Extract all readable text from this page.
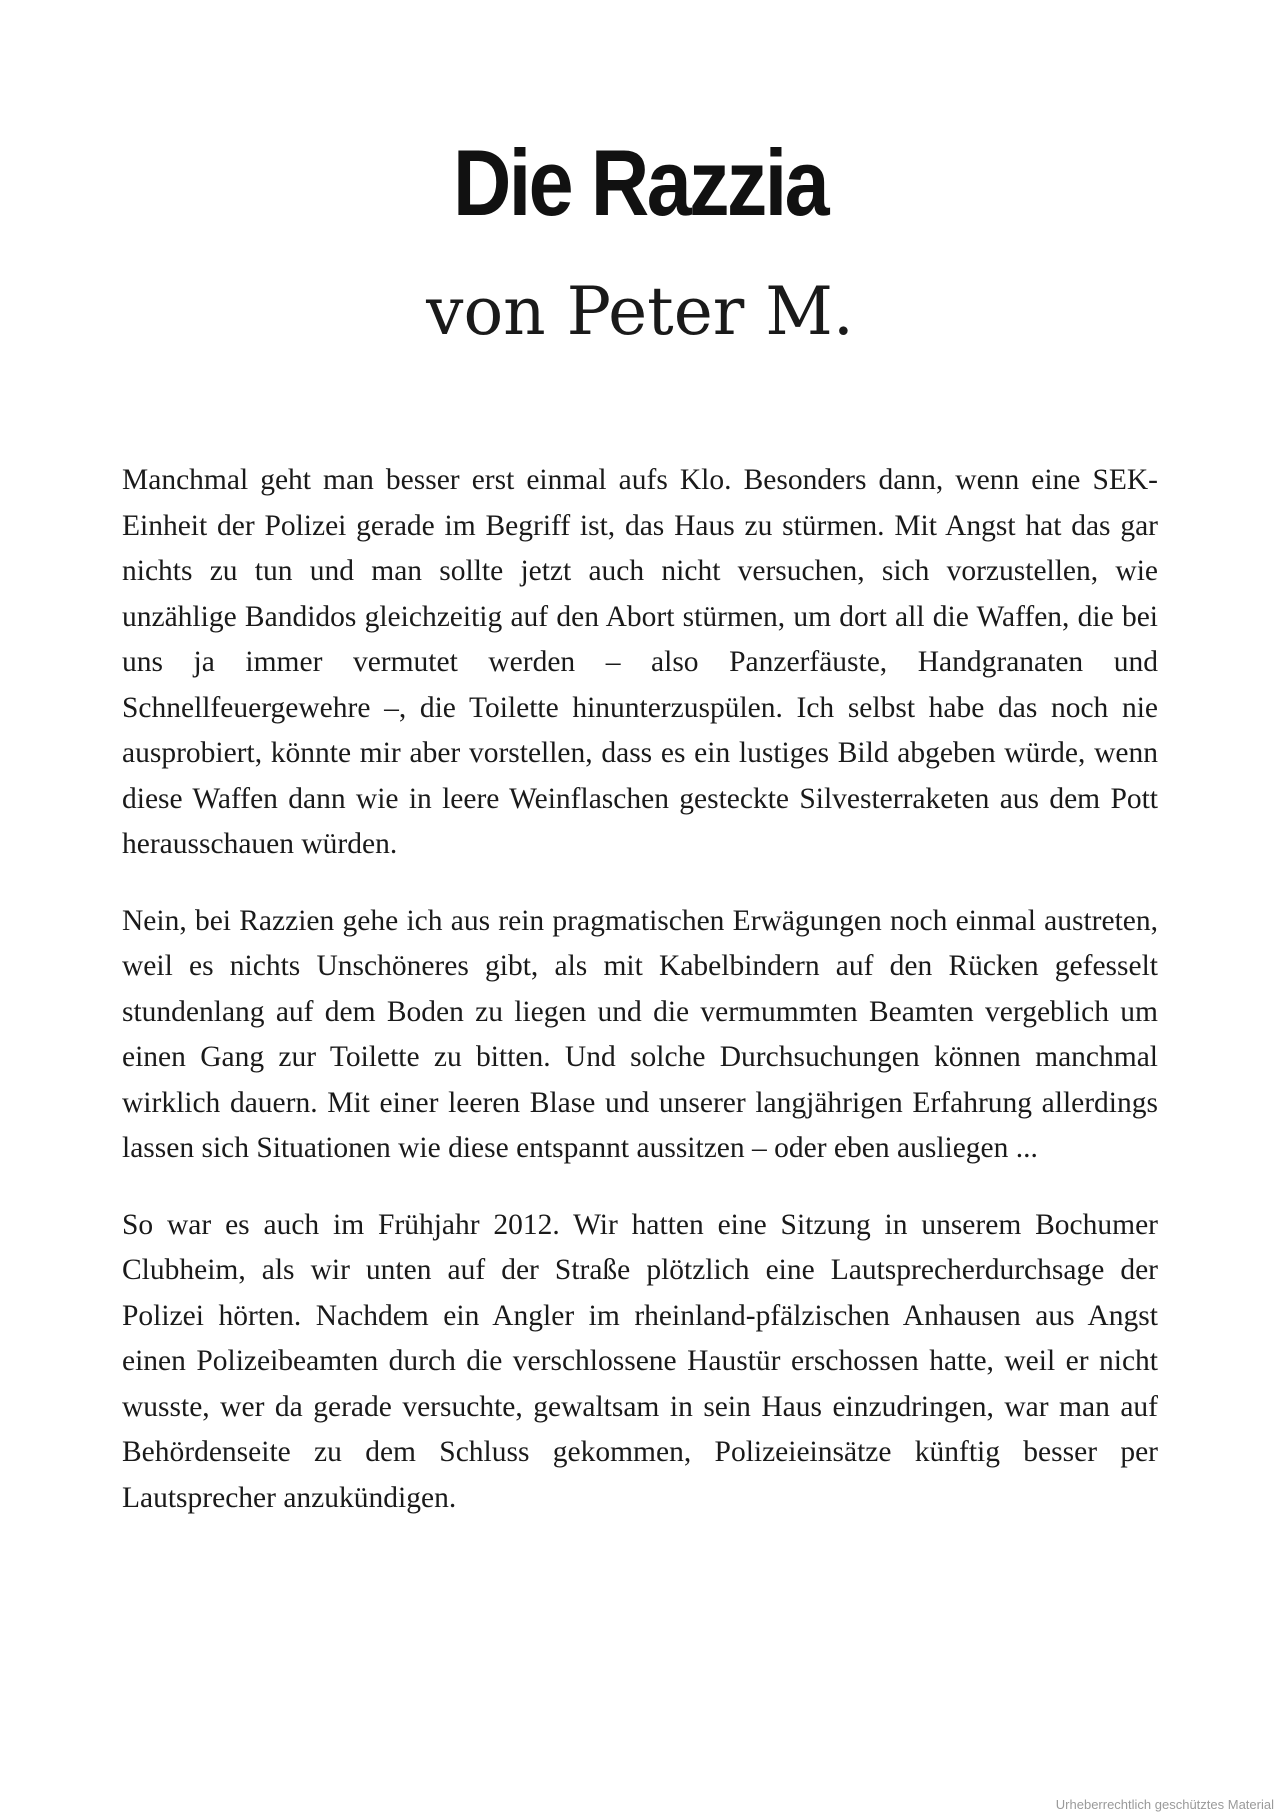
Die Razzia
von Peter M.

Manchmal geht man besser erst einmal aufs Klo. Besonders dann, wenn eine SEK-Einheit der Polizei gerade im Begriff ist, das Haus zu stürmen. Mit Angst hat das gar nichts zu tun und man sollte jetzt auch nicht versuchen, sich vorzustellen, wie unzählige Bandidos gleichzeitig auf den Abort stürmen, um dort all die Waffen, die bei uns ja immer vermutet werden – also Panzerfäuste, Handgranaten und Schnellfeuergewehre –, die Toilette hinunterzuspülen. Ich selbst habe das noch nie ausprobiert, könnte mir aber vorstellen, dass es ein lustiges Bild abgeben würde, wenn diese Waffen dann wie in leere Weinflaschen gesteckte Silvesterraketen aus dem Pott herausschauen würden.

Nein, bei Razzien gehe ich aus rein pragmatischen Erwägungen noch einmal austreten, weil es nichts Unschöneres gibt, als mit Kabelbindern auf den Rücken gefesselt stundenlang auf dem Boden zu liegen und die vermummten Beamten vergeblich um einen Gang zur Toilette zu bitten. Und solche Durchsuchungen können manchmal wirklich dauern. Mit einer leeren Blase und unserer langjährigen Erfahrung allerdings lassen sich Situationen wie diese entspannt aussitzen – oder eben ausliegen ...

So war es auch im Frühjahr 2012. Wir hatten eine Sitzung in unserem Bochumer Clubheim, als wir unten auf der Straße plötzlich eine Lautsprecherdurchsage der Polizei hörten. Nachdem ein Angler im rheinland-pfälzischen Anhausen aus Angst einen Polizeibeamten durch die verschlossene Haustür erschossen hatte, weil er nicht wusste, wer da gerade versuchte, gewaltsam in sein Haus einzudringen, war man auf Behördenseite zu dem Schluss gekommen, Polizeieinsätze künftig besser per Lautsprecher anzukündigen.

Urheberrechtlich geschütztes Material
